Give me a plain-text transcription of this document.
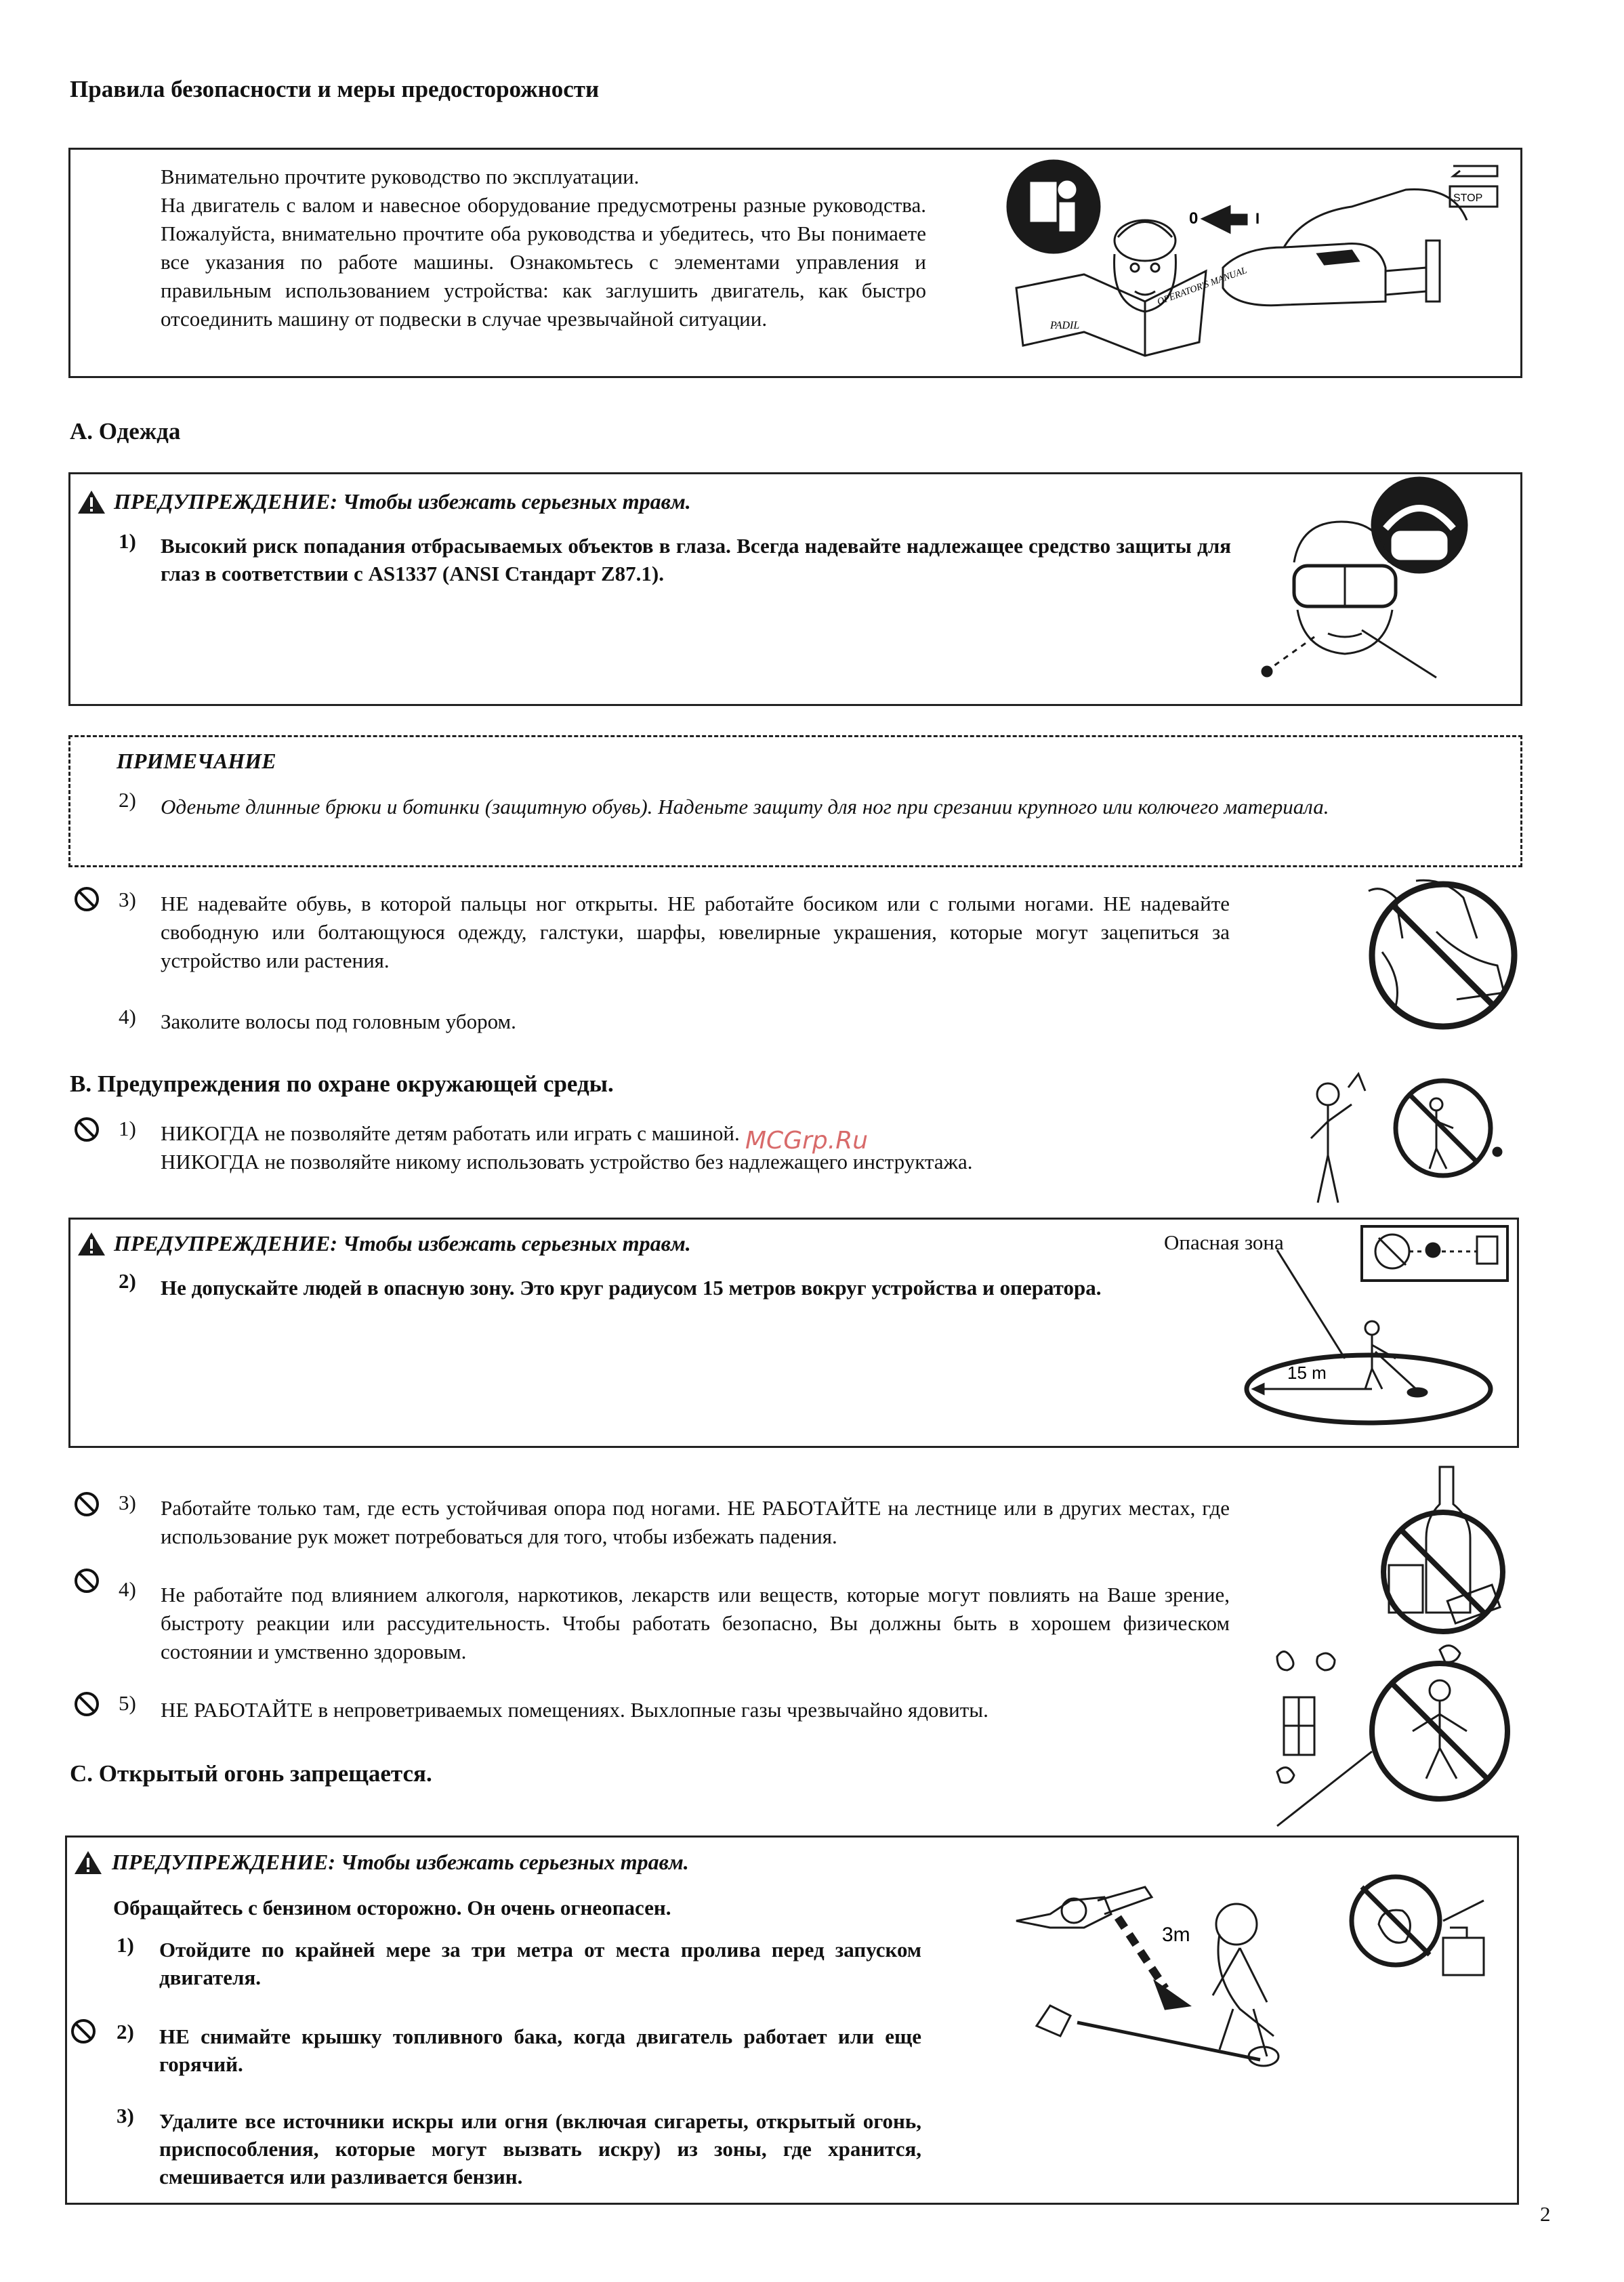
Правила безопасности и меры предосторожности
Внимательно прочтите руководство по эксплуатации.
На двигатель с валом и навесное оборудование предусмотрены разные руководства. Пожалуйста, внимательно прочтите оба руководства и убедитесь, что Вы понимаете все указания по работе машины. Ознакомьтесь с элементами управления и правильным использованием устройства: как заглушить двигатель, как быстро отсоединить машину от подвески в случае чрезвычайной ситуации.
OPERATOR'S MANUAL
PADIL
0	I
STOP
А. Одежда
ПРЕДУПРЕЖДЕНИЕ: Чтобы избежать серьезных травм.
1) Высокий риск попадания отбрасываемых объектов в глаза. Всегда надевайте надлежащее средство защиты для глаз в соответствии с AS1337 (ANSI Стандарт Z87.1).
ПРИМЕЧАНИЕ
2) Оденьте длинные брюки и ботинки (защитную обувь). Наденьте защиту для ног при срезании крупного или колючего материала.
3) НЕ надевайте обувь, в которой пальцы ног открыты. НЕ работайте босиком или с голыми ногами. НЕ надевайте свободную или болтающуюся одежду, галстуки, шарфы, ювелирные украшения, которые могут зацепиться за устройство или растения.
4) Заколите волосы под головным убором.
В. Предупреждения по охране окружающей среды.
1) НИКОГДА не позволяйте детям работать или играть с машиной.
НИКОГДА не позволяйте никому использовать устройство без надлежащего инструктажа.
MCGrp.Ru
ПРЕДУПРЕЖДЕНИЕ: Чтобы избежать серьезных травм.	Опасная зона
2) Не допускайте людей в опасную зону. Это круг радиусом 15 метров вокруг устройства и оператора.
15 m
3) Работайте только там, где есть устойчивая опора под ногами. НЕ РАБОТАЙТЕ на лестнице или в других местах, где использование рук может потребоваться для того, чтобы избежать падения.
4) Не работайте под влиянием алкоголя, наркотиков, лекарств или веществ, которые могут повлиять на Ваше зрение, быстроту реакции или рассудительность. Чтобы работать безопасно, Вы должны быть в хорошем физическом состоянии и умственно здоровым.
5) НЕ РАБОТАЙТЕ в непроветриваемых помещениях. Выхлопные газы чрезвычайно ядовиты.
С. Открытый огонь запрещается.
ПРЕДУПРЕЖДЕНИЕ: Чтобы избежать серьезных травм.
Обращайтесь с бензином осторожно. Он очень огнеопасен.
1) Отойдите по крайней мере за три метра от места пролива перед запуском двигателя.
2) НЕ снимайте крышку топливного бака, когда двигатель работает или еще горячий.
3) Удалите все источники искры или огня (включая сигареты, открытый огонь, приспособления, которые могут вызвать искру) из зоны, где хранится, смешивается или разливается бензин.
3m
2
